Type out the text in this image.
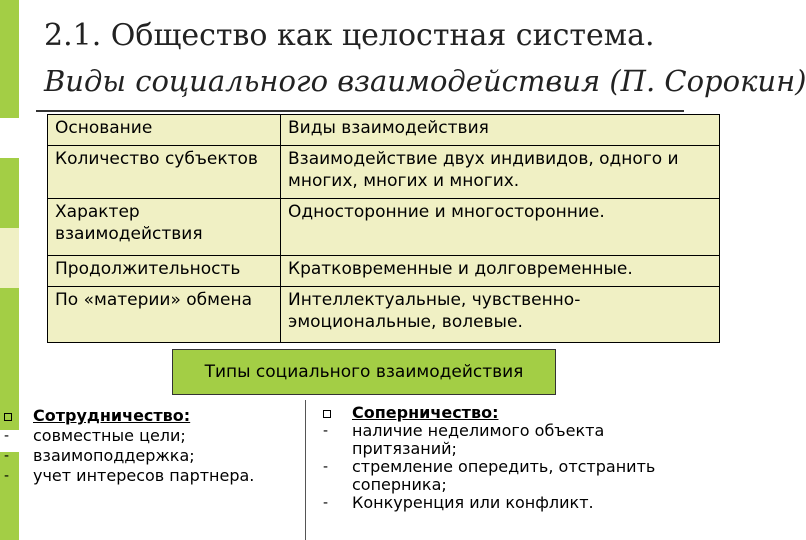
2.1. Общество как целостная система.
Виды социального взаимодействия (П. Сорокин)
Основание	Виды взаимодействия
Количество субъектов	Взаимодействие двух индивидов, одного и многих, многих и многих.
Характер взаимодействия	Односторонние и многосторонние.
Продолжительность	Кратковременные и долговременные.
По «материи» обмена	Интеллектуальные, чувственно-эмоциональные, волевые.
Типы социального взаимодействия
Сотрудничество:
-	совместные цели;
-	взаимоподдержка;
-	учет интересов партнера.
Соперничество:
-	наличие неделимого объекта притязаний;
-	стремление опередить, отстранить соперника;
-	Конкуренция или конфликт.
